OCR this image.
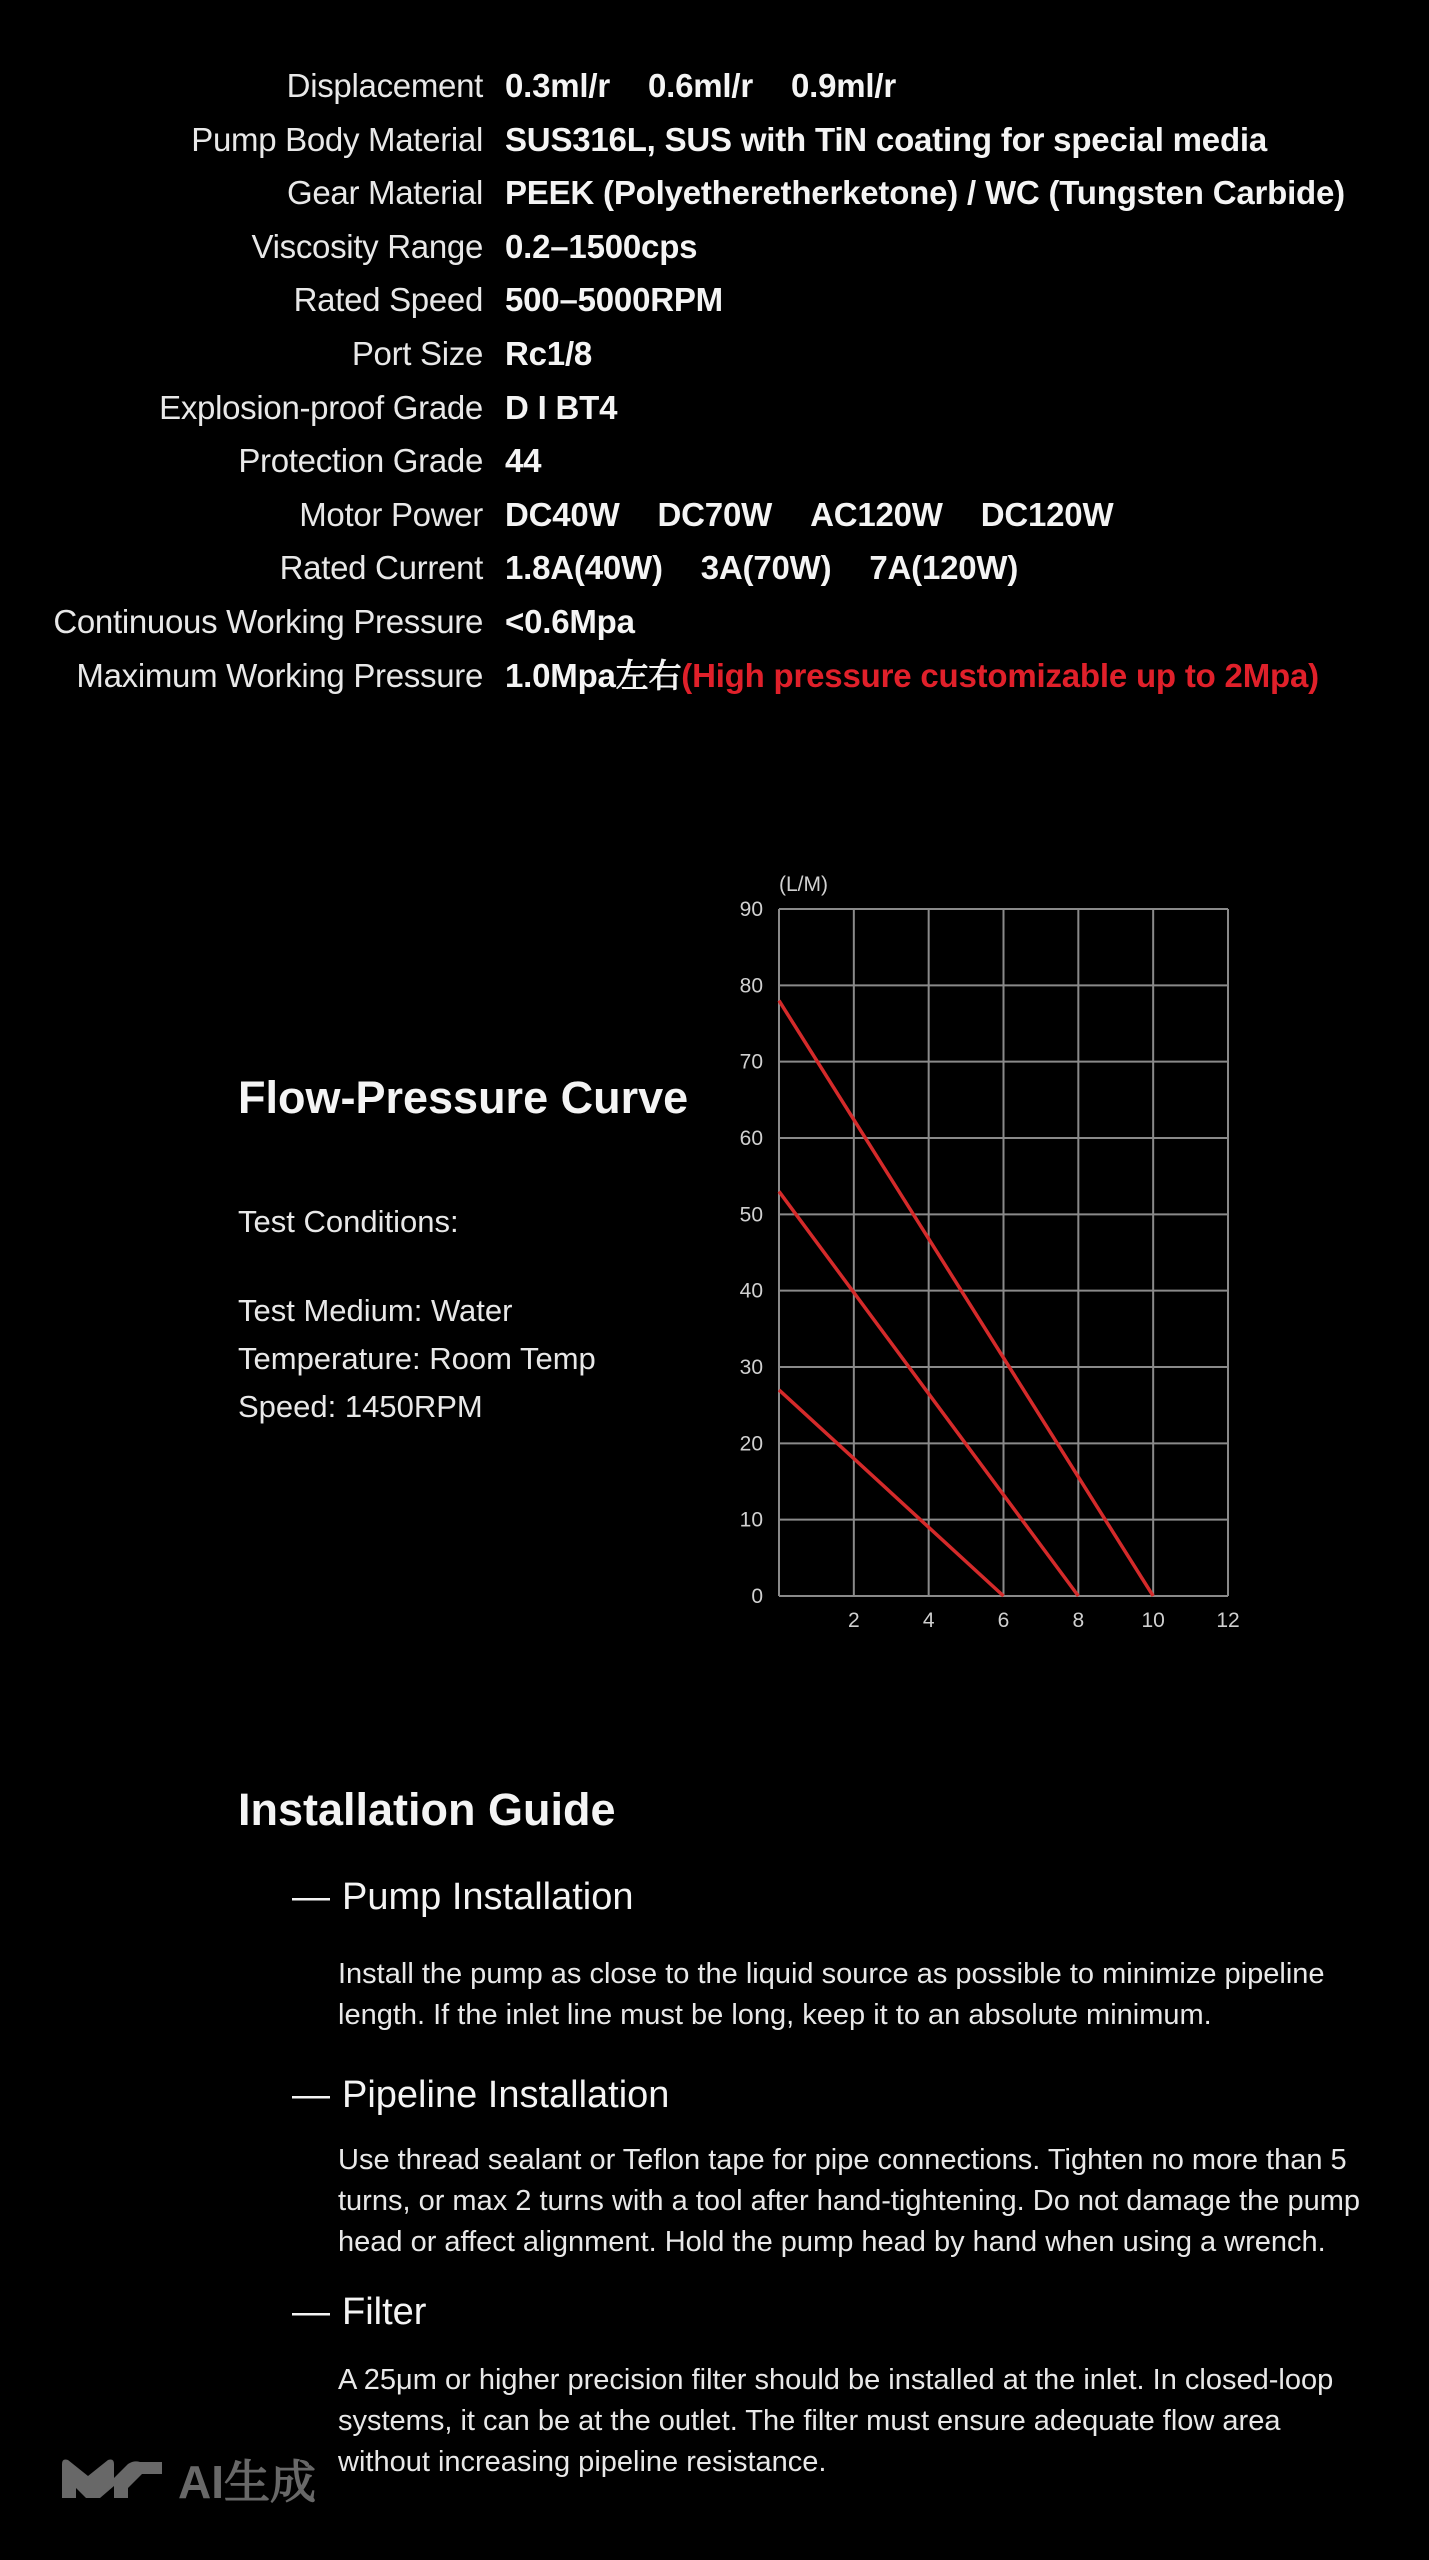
Displacement 0.3ml/r 0.6ml/r 0.9ml/r
Pump Body Material SUS316L, SUS with TiN coating for special media
Gear Material PEEK (Polyetheretherketone) / WC (Tungsten Carbide)
Viscosity Range 0.2–1500cps
Rated Speed 500–5000RPM
Port Size Rc1/8
Explosion-proof Grade D I BT4
Protection Grade 44
Motor Power DC40W DC70W AC120W DC120W
Rated Current 1.8A(40W) 3A(70W) 7A(120W)
Continuous Working Pressure <0.6Mpa
Maximum Working Pressure 1.0Mpa左右(High pressure customizable up to 2Mpa)
Flow-Pressure Curve
Test Conditions:
Test Medium: Water
Temperature: Room Temp
Speed: 1450RPM
0
10
20
30
40
50
60
70
80
90
2	4	6	8	10 12
(L/M)
Installation Guide
— Pump Installation
Install the pump as close to the liquid source as possible to minimize pipeline
length. If the inlet line must be long, keep it to an absolute minimum.
— Pipeline Installation
Use thread sealant or Teflon tape for pipe connections. Tighten no more than 5
turns, or max 2 turns with a tool after hand-tightening. Do not damage the pump
head or affect alignment. Hold the pump head by hand when using a wrench.
— Filter
A 25μm or higher precision filter should be installed at the inlet. In closed-loop
systems, it can be at the outlet. The filter must ensure adequate flow area
without increasing pipeline resistance.
AI生成
